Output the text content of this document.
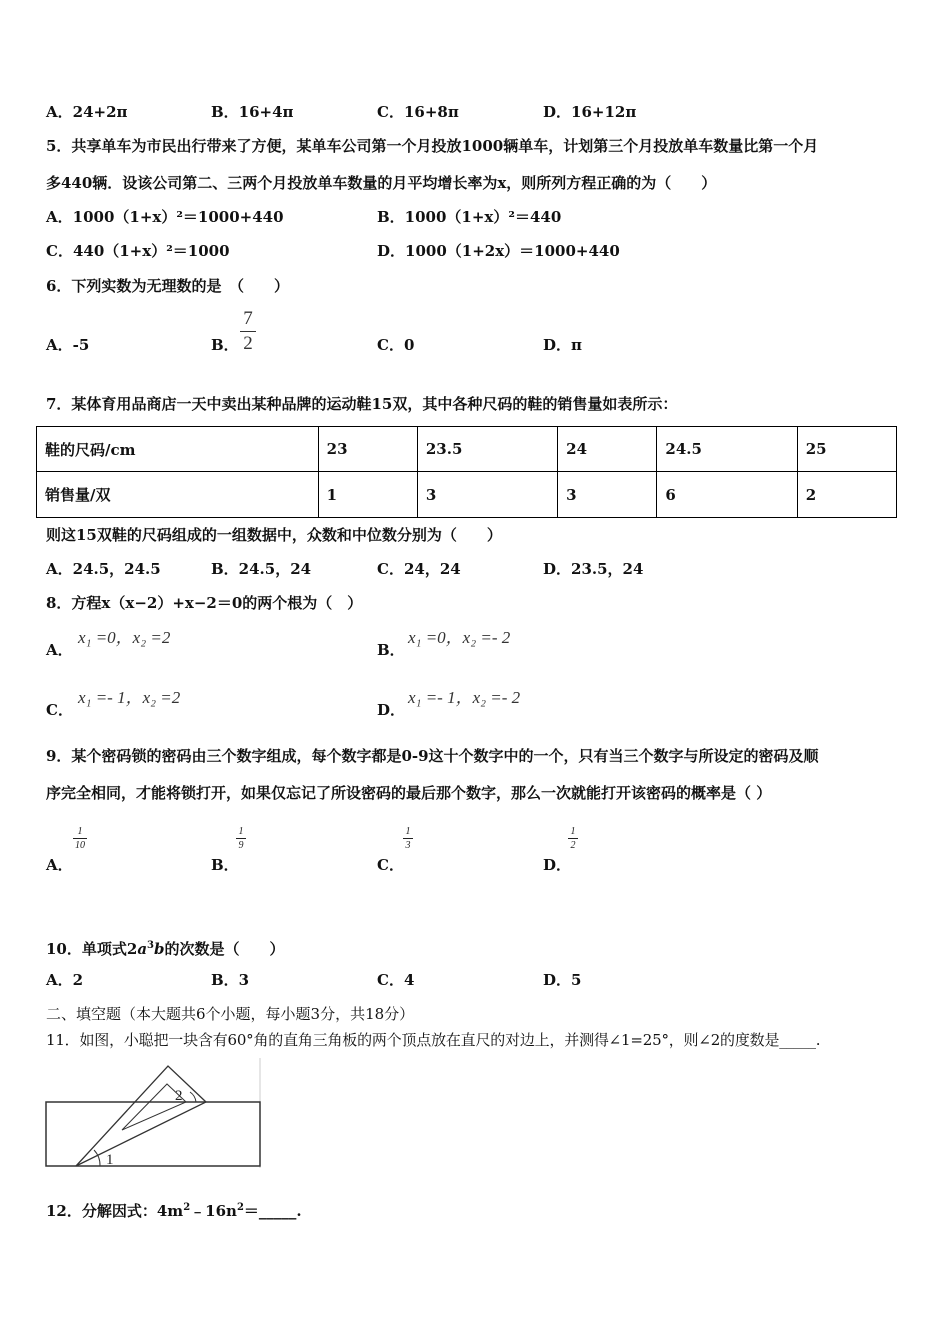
A．24+2π	B．16+4π	C．16+8π	D．16+12π
5．共享单车为市民出行带来了方便，某单车公司第一个月投放1000辆单车，计划第三个月投放单车数量比第一个月
多440辆．设该公司第二、三两个月投放单车数量的月平均增长率为x，则所列方程正确的为（　　）
A．1000（1+x）²＝1000+440	B．1000（1+x）²＝440
C．440（1+x）²＝1000	D．1000（1+2x）＝1000+440
6．下列实数为无理数的是　（　　）
A．-5	B．
7
2	C．0	D．π
7．某体育用品商店一天中卖出某种品牌的运动鞋15双，其中各种尺码的鞋的销售量如表所示：
鞋的尺码/cm	23	23.5	24	24.5	25
销售量/双	1	3	3	6	2
则这15双鞋的尺码组成的一组数据中，众数和中位数分别为（　　）
A．24.5，24.5	B．24.5，24	C．24，24	D．23.5，24
8．方程x（x−2）+x−2＝0的两个根为（　）
A．
x₁ =0，x₂ =2
B．
x₁ =0，x₂ =- 2
C．
x₁ =- 1，x₂ =2
D．
x₁ =- 1，x₂ =- 2
9．某个密码锁的密码由三个数字组成，每个数字都是0-9这十个数字中的一个，只有当三个数字与所设定的密码及顺
序完全相同，才能将锁打开，如果仅忘记了所设密码的最后那个数字，那么一次就能打开该密码的概率是（ ）
A．
1
10
B．
1
9
C．
1
3
D．
1
2
10．单项式$2a^3b$的次数是（　　）
A．2	B．3	C．4	D．5
二、填空题（本大题共6个小题，每小题3分，共18分）
11．如图，小聪把一块含有60°角的直角三角板的两个顶点放在直尺的对边上，并测得∠1=25°，则∠2的度数是_____.
1
2
12．分解因式：$4m^2﹣16n^2=\_\_\_\_\_$.
